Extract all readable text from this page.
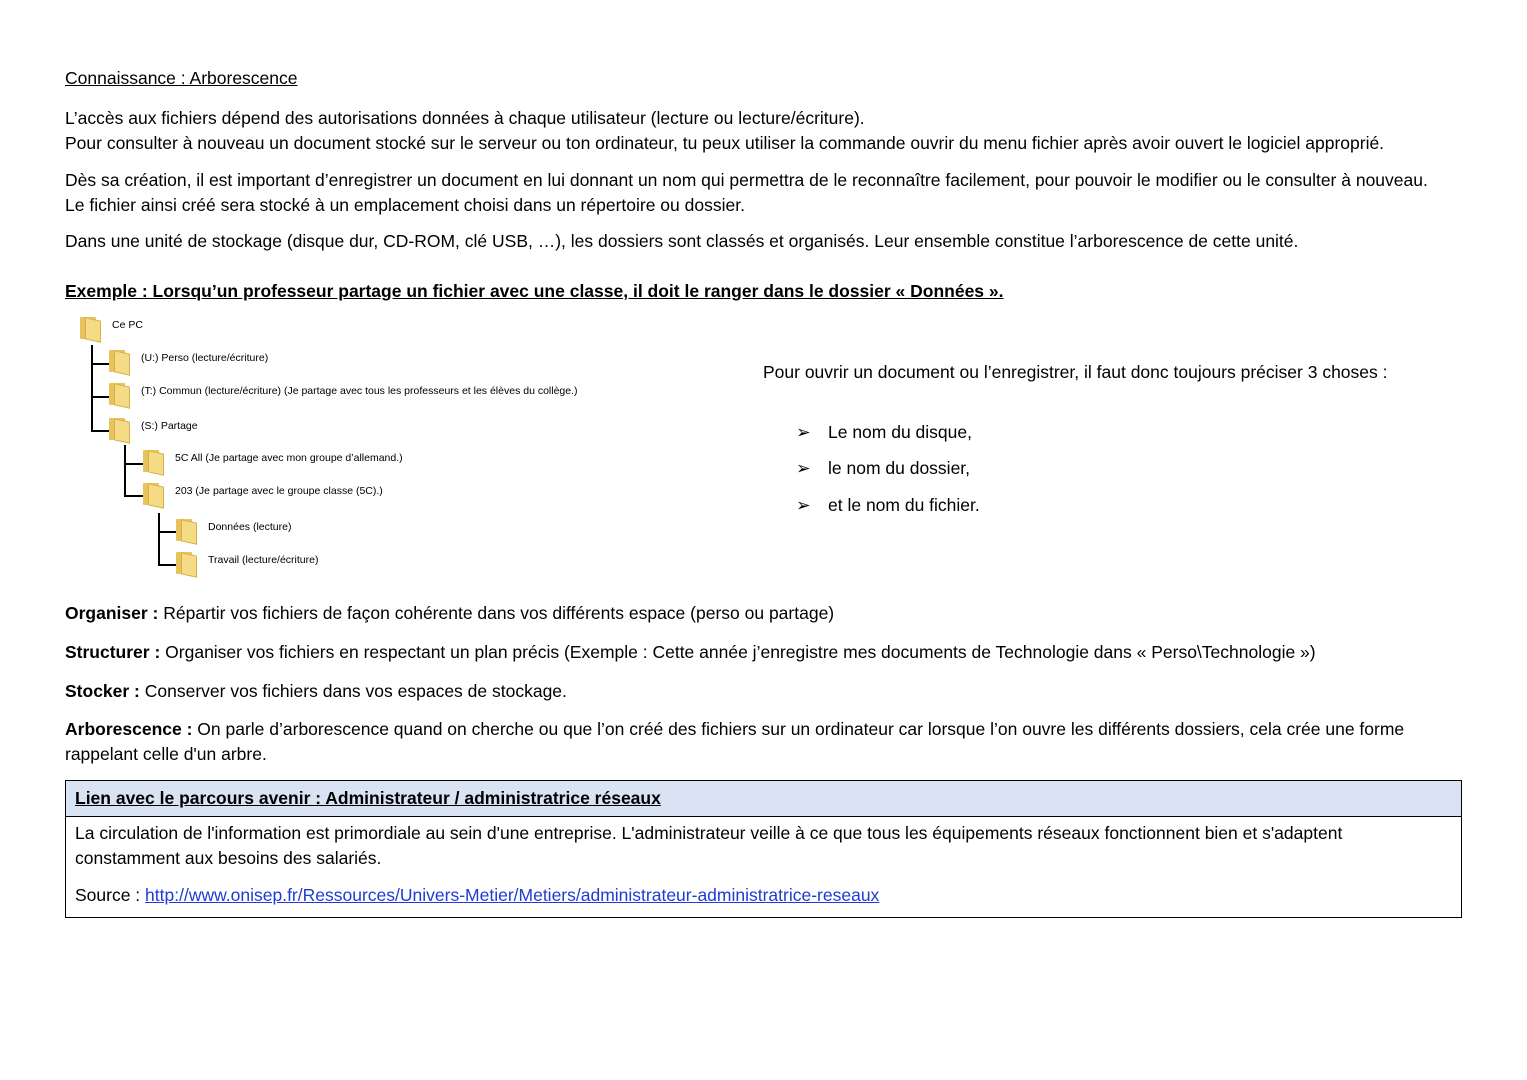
Connaissance : Arborescence

L’accès aux fichiers dépend des autorisations données à chaque utilisateur (lecture ou lecture/écriture).

Pour consulter à nouveau un document stocké sur le serveur ou ton ordinateur, tu peux utiliser la commande ouvrir du menu fichier après avoir ouvert le logiciel approprié.

Dès sa création, il est important d’enregistrer un document en lui donnant un nom qui permettra de le reconnaître facilement, pour pouvoir le modifier ou le consulter à nouveau. Le fichier ainsi créé sera stocké à un emplacement choisi dans un répertoire ou dossier.

Dans une unité de stockage (disque dur, CD-ROM, clé USB, …), les dossiers sont classés et organisés. Leur ensemble constitue l’arborescence de cette unité.

Exemple : Lorsqu’un professeur partage un fichier avec une classe, il doit le ranger dans le dossier « Données ».

Ce PC
(U:) Perso (lecture/écriture)
(T:) Commun (lecture/écriture) (Je partage avec tous les professeurs et les élèves du collège.)
(S:) Partage
5C All (Je partage avec mon groupe d’allemand.)
203 (Je partage avec le groupe classe (5C).)
Données (lecture)
Travail (lecture/écriture)

Pour ouvrir un document ou l’enregistrer, il faut donc toujours préciser 3 choses :

➢ Le nom du disque,
➢ le nom du dossier,
➢ et le nom du fichier.

Organiser : Répartir vos fichiers de façon cohérente dans vos différents espace (perso ou partage)

Structurer : Organiser vos fichiers en respectant un plan précis (Exemple : Cette année j’enregistre mes documents de Technologie dans « Perso\Technologie »)

Stocker : Conserver vos fichiers dans vos espaces de stockage.

Arborescence : On parle d’arborescence quand on cherche ou que l’on créé des fichiers sur un ordinateur car lorsque l’on ouvre les différents dossiers, cela crée une forme rappelant celle d'un arbre.

Lien avec le parcours avenir : Administrateur / administratrice réseaux
La circulation de l'information est primordiale au sein d'une entreprise. L'administrateur veille à ce que tous les équipements réseaux fonctionnent bien et s'adaptent constamment aux besoins des salariés.
Source : http://www.onisep.fr/Ressources/Univers-Metier/Metiers/administrateur-administratrice-reseaux
